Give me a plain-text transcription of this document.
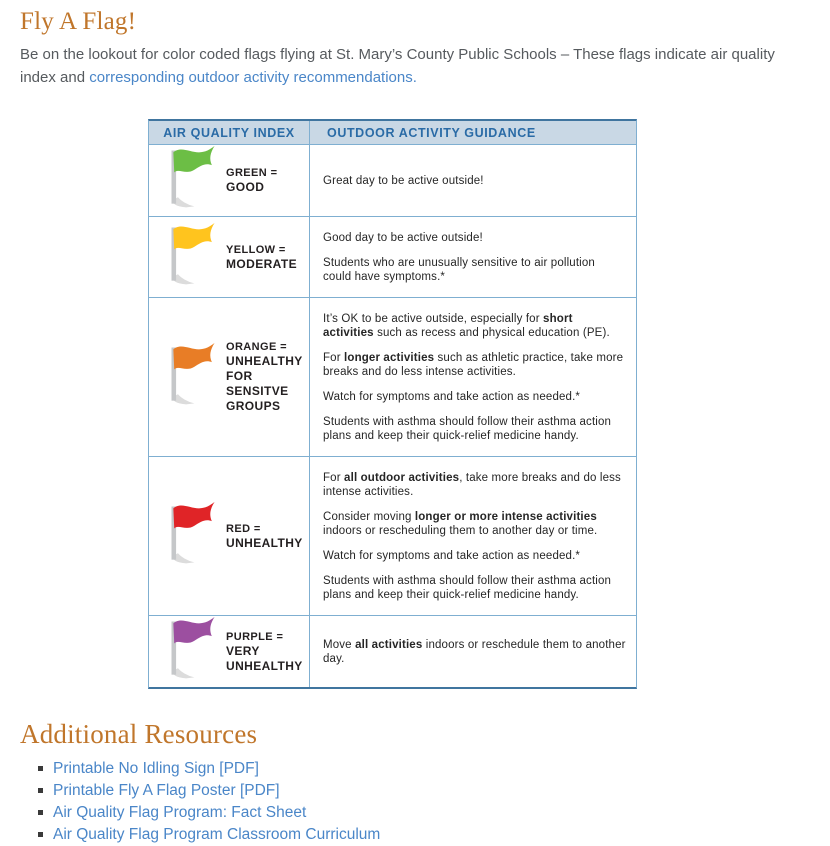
Fly A Flag!

Be on the lookout for color coded flags flying at St. Mary’s County Public Schools – These flags indicate air quality index and corresponding outdoor activity recommendations.

AIR QUALITY INDEX	OUTDOOR ACTIVITY GUIDANCE
GREEN =
GOOD	Great day to be active outside!

YELLOW =
MODERATE

Good day to be active outside!

Students who are unusually sensitive to air pollution could have symptoms.*

ORANGE =
UNHEALTHY FOR SENSITVE GROUPS

It’s OK to be active outside, especially for short activities such as recess and physical education (PE).

For longer activities such as athletic practice, take more breaks and do less intense activities.

Watch for symptoms and take action as needed.*

Students with asthma should follow their asthma action plans and keep their quick-relief medicine handy.

RED =
UNHEALTHY

For all outdoor activities, take more breaks and do less intense activities.

Consider moving longer or more intense activities indoors or rescheduling them to another day or time.

Watch for symptoms and take action as needed.*

Students with asthma should follow their asthma action plans and keep their quick-relief medicine handy.

PURPLE =
VERY UNHEALTHY

Move all activities indoors or reschedule them to another day.

Additional Resources
Printable No Idling Sign [PDF]
Printable Fly A Flag Poster [PDF]
Air Quality Flag Program: Fact Sheet
Air Quality Flag Program Classroom Curriculum
